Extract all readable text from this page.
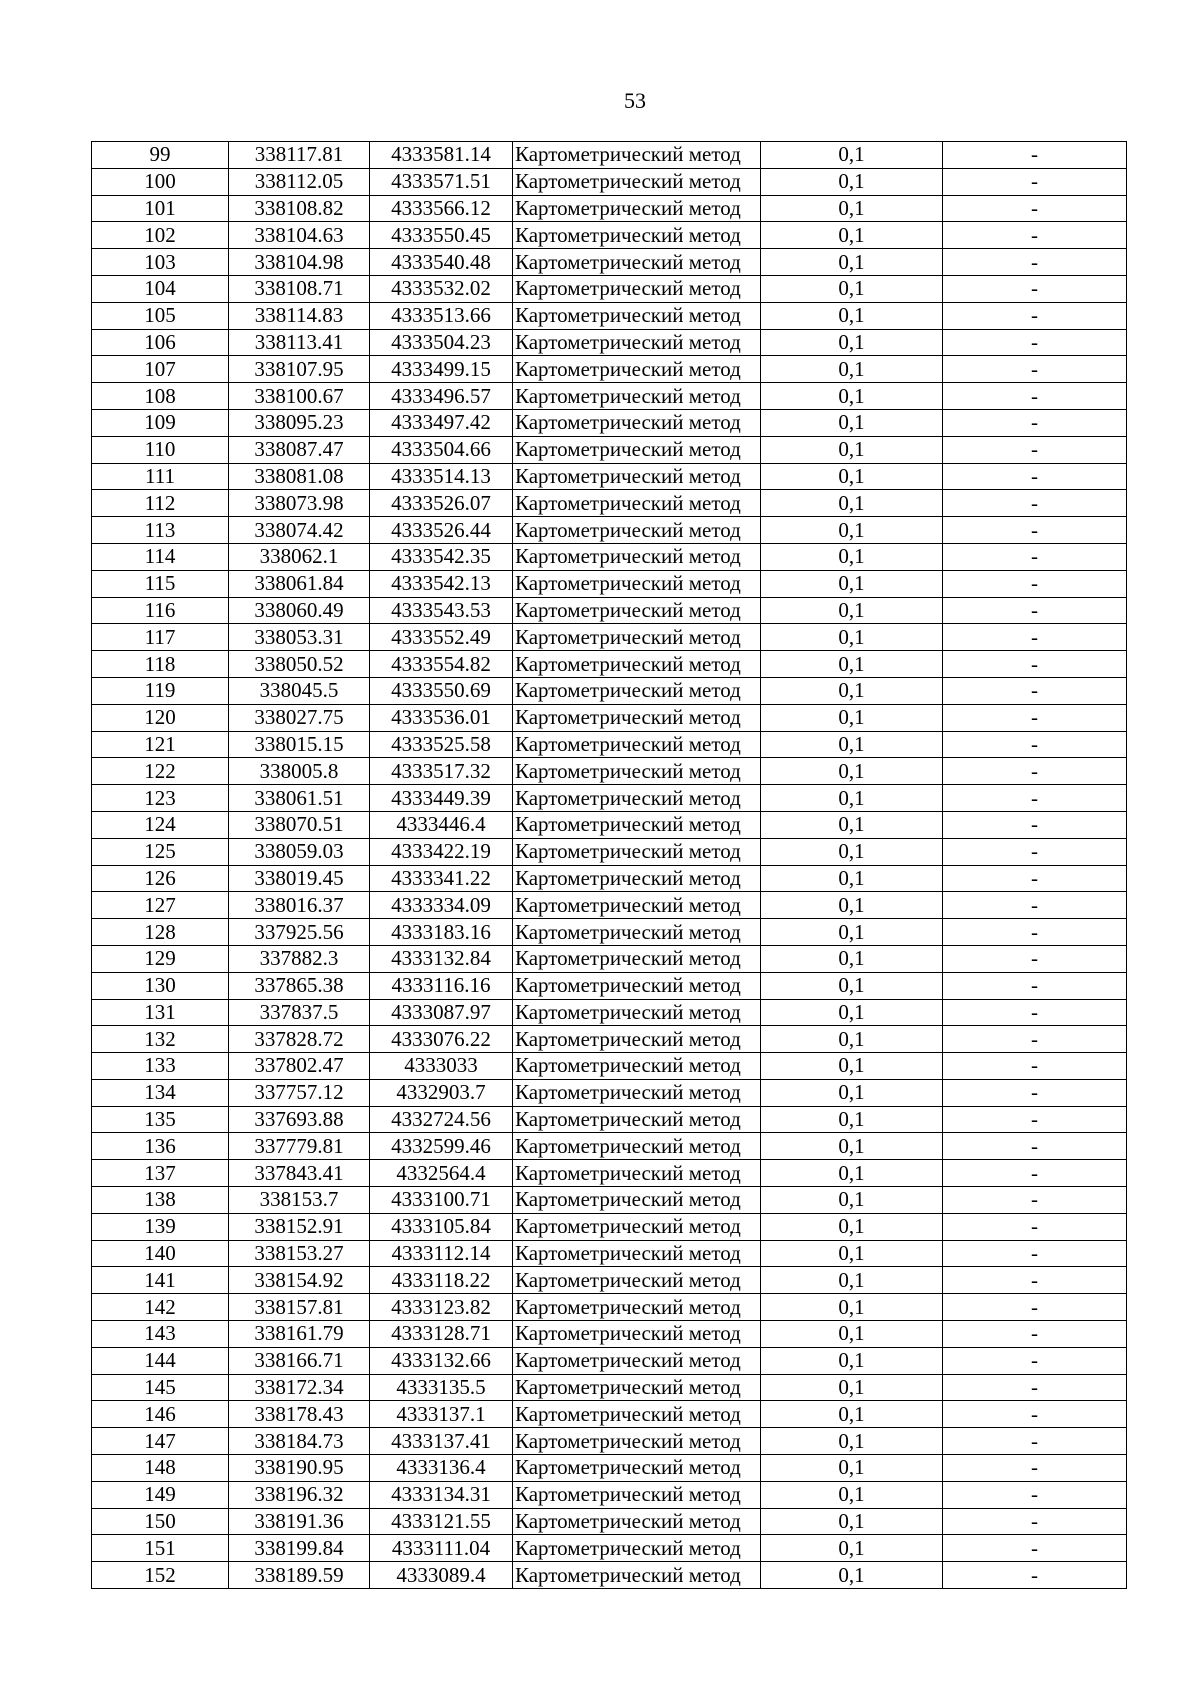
53
99	338117.81	4333581.14	Картометрический метод	0,1	-
100	338112.05	4333571.51	Картометрический метод	0,1	-
101	338108.82	4333566.12	Картометрический метод	0,1	-
102	338104.63	4333550.45	Картометрический метод	0,1	-
103	338104.98	4333540.48	Картометрический метод	0,1	-
104	338108.71	4333532.02	Картометрический метод	0,1	-
105	338114.83	4333513.66	Картометрический метод	0,1	-
106	338113.41	4333504.23	Картометрический метод	0,1	-
107	338107.95	4333499.15	Картометрический метод	0,1	-
108	338100.67	4333496.57	Картометрический метод	0,1	-
109	338095.23	4333497.42	Картометрический метод	0,1	-
110	338087.47	4333504.66	Картометрический метод	0,1	-
111	338081.08	4333514.13	Картометрический метод	0,1	-
112	338073.98	4333526.07	Картометрический метод	0,1	-
113	338074.42	4333526.44	Картометрический метод	0,1	-
114	338062.1	4333542.35	Картометрический метод	0,1	-
115	338061.84	4333542.13	Картометрический метод	0,1	-
116	338060.49	4333543.53	Картометрический метод	0,1	-
117	338053.31	4333552.49	Картометрический метод	0,1	-
118	338050.52	4333554.82	Картометрический метод	0,1	-
119	338045.5	4333550.69	Картометрический метод	0,1	-
120	338027.75	4333536.01	Картометрический метод	0,1	-
121	338015.15	4333525.58	Картометрический метод	0,1	-
122	338005.8	4333517.32	Картометрический метод	0,1	-
123	338061.51	4333449.39	Картометрический метод	0,1	-
124	338070.51	4333446.4	Картометрический метод	0,1	-
125	338059.03	4333422.19	Картометрический метод	0,1	-
126	338019.45	4333341.22	Картометрический метод	0,1	-
127	338016.37	4333334.09	Картометрический метод	0,1	-
128	337925.56	4333183.16	Картометрический метод	0,1	-
129	337882.3	4333132.84	Картометрический метод	0,1	-
130	337865.38	4333116.16	Картометрический метод	0,1	-
131	337837.5	4333087.97	Картометрический метод	0,1	-
132	337828.72	4333076.22	Картометрический метод	0,1	-
133	337802.47	4333033	Картометрический метод	0,1	-
134	337757.12	4332903.7	Картометрический метод	0,1	-
135	337693.88	4332724.56	Картометрический метод	0,1	-
136	337779.81	4332599.46	Картометрический метод	0,1	-
137	337843.41	4332564.4	Картометрический метод	0,1	-
138	338153.7	4333100.71	Картометрический метод	0,1	-
139	338152.91	4333105.84	Картометрический метод	0,1	-
140	338153.27	4333112.14	Картометрический метод	0,1	-
141	338154.92	4333118.22	Картометрический метод	0,1	-
142	338157.81	4333123.82	Картометрический метод	0,1	-
143	338161.79	4333128.71	Картометрический метод	0,1	-
144	338166.71	4333132.66	Картометрический метод	0,1	-
145	338172.34	4333135.5	Картометрический метод	0,1	-
146	338178.43	4333137.1	Картометрический метод	0,1	-
147	338184.73	4333137.41	Картометрический метод	0,1	-
148	338190.95	4333136.4	Картометрический метод	0,1	-
149	338196.32	4333134.31	Картометрический метод	0,1	-
150	338191.36	4333121.55	Картометрический метод	0,1	-
151	338199.84	4333111.04	Картометрический метод	0,1	-
152	338189.59	4333089.4	Картометрический метод	0,1	-
